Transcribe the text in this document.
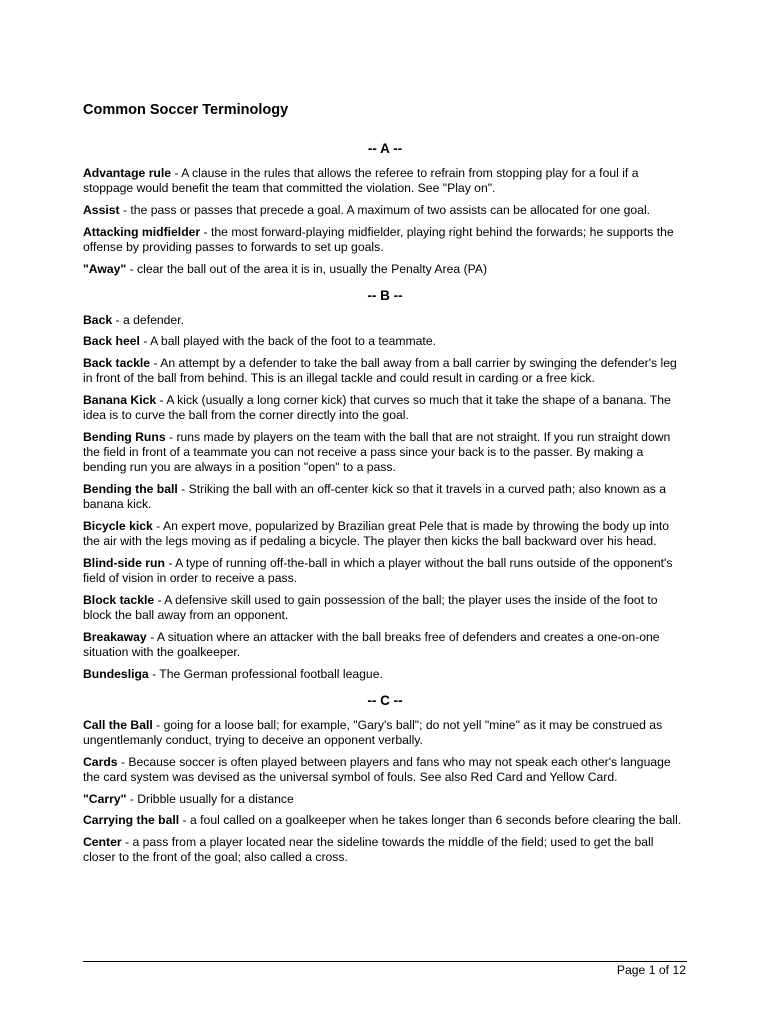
Common Soccer Terminology
-- A --

Advantage rule - A clause in the rules that allows the referee to refrain from stopping play for a foul if a stoppage would benefit the team that committed the violation. See "Play on".

Assist - the pass or passes that precede a goal. A maximum of two assists can be allocated for one goal.

Attacking midfielder - the most forward-playing midfielder, playing right behind the forwards; he supports the offense by providing passes to forwards to set up goals.

"Away" - clear the ball out of the area it is in, usually the Penalty Area (PA)

-- B --

Back - a defender.

Back heel - A ball played with the back of the foot to a teammate.

Back tackle - An attempt by a defender to take the ball away from a ball carrier by swinging the defender's leg in front of the ball from behind. This is an illegal tackle and could result in carding or a free kick.

Banana Kick - A kick (usually a long corner kick) that curves so much that it take the shape of a banana. The idea is to curve the ball from the corner directly into the goal.

Bending Runs - runs made by players on the team with the ball that are not straight. If you run straight down the field in front of a teammate you can not receive a pass since your back is to the passer. By making a bending run you are always in a position "open" to a pass.

Bending the ball - Striking the ball with an off-center kick so that it travels in a curved path; also known as a banana kick.

Bicycle kick - An expert move, popularized by Brazilian great Pele that is made by throwing the body up into the air with the legs moving as if pedaling a bicycle. The player then kicks the ball backward over his head.

Blind-side run - A type of running off-the-ball in which a player without the ball runs outside of the opponent's field of vision in order to receive a pass.

Block tackle - A defensive skill used to gain possession of the ball; the player uses the inside of the foot to block the ball away from an opponent.

Breakaway - A situation where an attacker with the ball breaks free of defenders and creates a one-on-one situation with the goalkeeper.

Bundesliga - The German professional football league.

-- C --

Call the Ball - going for a loose ball; for example, "Gary's ball"; do not yell "mine" as it may be construed as ungentlemanly conduct, trying to deceive an opponent verbally.

Cards - Because soccer is often played between players and fans who may not speak each other's language the card system was devised as the universal symbol of fouls. See also Red Card and Yellow Card.

"Carry" - Dribble usually for a distance

Carrying the ball - a foul called on a goalkeeper when he takes longer than 6 seconds before clearing the ball.

Center - a pass from a player located near the sideline towards the middle of the field; used to get the ball closer to the front of the goal; also called a cross.

Page 1 of 12
